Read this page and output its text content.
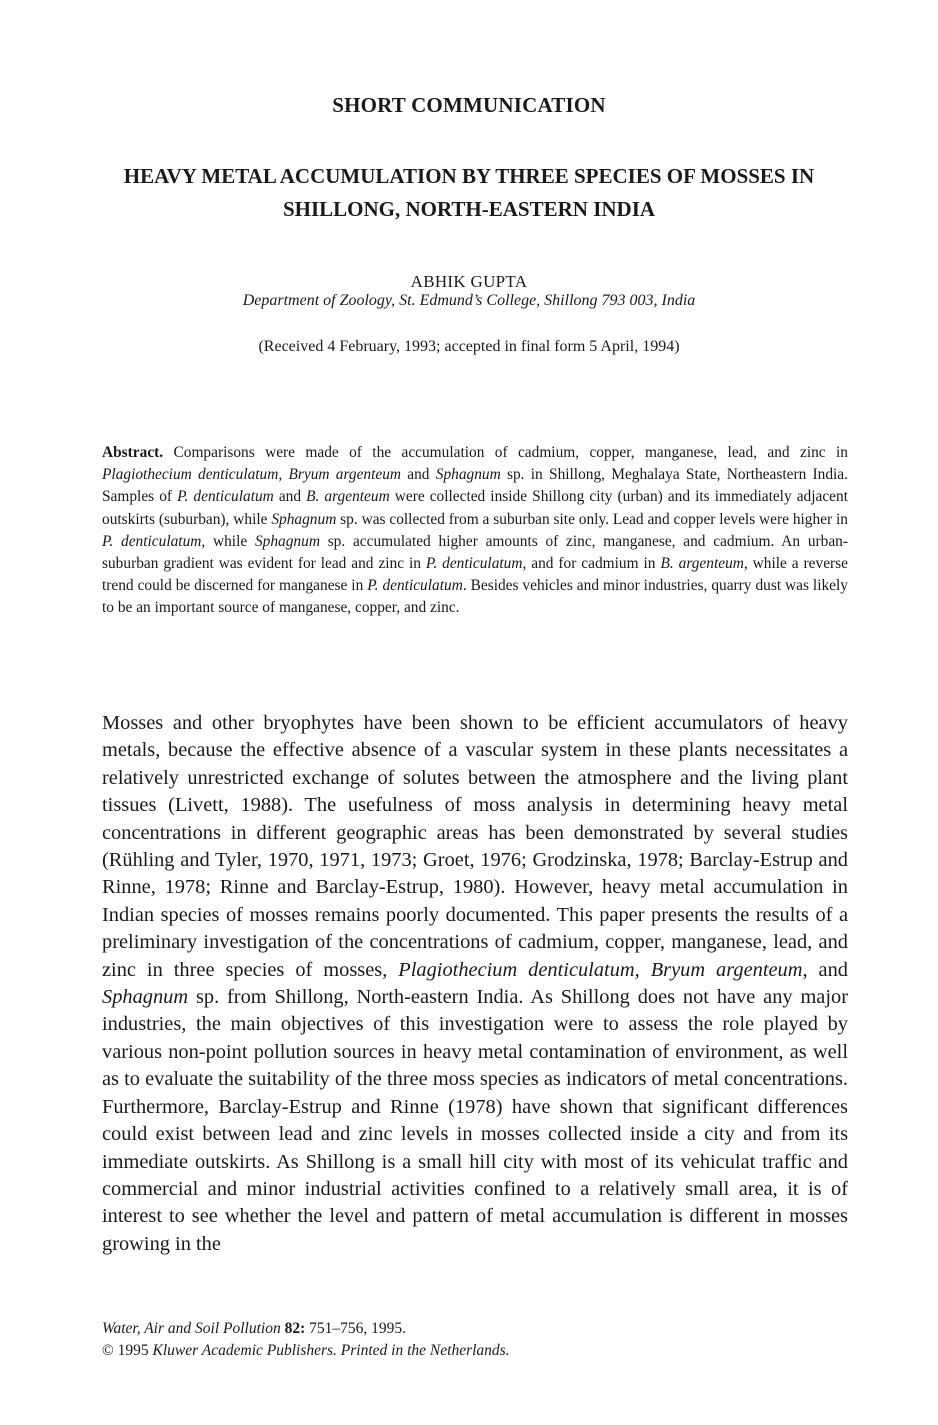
SHORT COMMUNICATION
HEAVY METAL ACCUMULATION BY THREE SPECIES OF MOSSES IN SHILLONG, NORTH-EASTERN INDIA
ABHIK GUPTA
Department of Zoology, St. Edmund’s College, Shillong 793 003, India
(Received 4 February, 1993; accepted in final form 5 April, 1994)
Abstract. Comparisons were made of the accumulation of cadmium, copper, manganese, lead, and zinc in Plagiothecium denticulatum, Bryum argenteum and Sphagnum sp. in Shillong, Meghalaya State, Northeastern India. Samples of P. denticulatum and B. argenteum were collected inside Shillong city (urban) and its immediately adjacent outskirts (suburban), while Sphagnum sp. was collected from a suburban site only. Lead and copper levels were higher in P. denticulatum, while Sphagnum sp. accumulated higher amounts of zinc, manganese, and cadmium. An urban-suburban gradient was evident for lead and zinc in P. denticulatum, and for cadmium in B. argenteum, while a reverse trend could be discerned for manganese in P. denticulatum. Besides vehicles and minor industries, quarry dust was likely to be an important source of manganese, copper, and zinc.
Mosses and other bryophytes have been shown to be efficient accumulators of heavy metals, because the effective absence of a vascular system in these plants necessitates a relatively unrestricted exchange of solutes between the atmosphere and the living plant tissues (Livett, 1988). The usefulness of moss analysis in determining heavy metal concentrations in different geographic areas has been demonstrated by several studies (Rühling and Tyler, 1970, 1971, 1973; Groet, 1976; Grodzinska, 1978; Barclay-Estrup and Rinne, 1978; Rinne and Barclay-Estrup, 1980). However, heavy metal accumulation in Indian species of mosses remains poorly documented. This paper presents the results of a preliminary investigation of the concentrations of cadmium, copper, manganese, lead, and zinc in three species of mosses, Plagiothecium denticulatum, Bryum argenteum, and Sphagnum sp. from Shillong, North-eastern India. As Shillong does not have any major industries, the main objectives of this investigation were to assess the role played by various non-point pollution sources in heavy metal contamination of environment, as well as to evaluate the suitability of the three moss species as indicators of metal concentrations. Furthermore, Barclay-Estrup and Rinne (1978) have shown that significant differences could exist between lead and zinc levels in mosses collected inside a city and from its immediate outskirts. As Shillong is a small hill city with most of its vehiculat traffic and commercial and minor industrial activities confined to a relatively small area, it is of interest to see whether the level and pattern of metal accumulation is different in mosses growing in the
Water, Air and Soil Pollution 82: 751–756, 1995.
© 1995 Kluwer Academic Publishers. Printed in the Netherlands.
